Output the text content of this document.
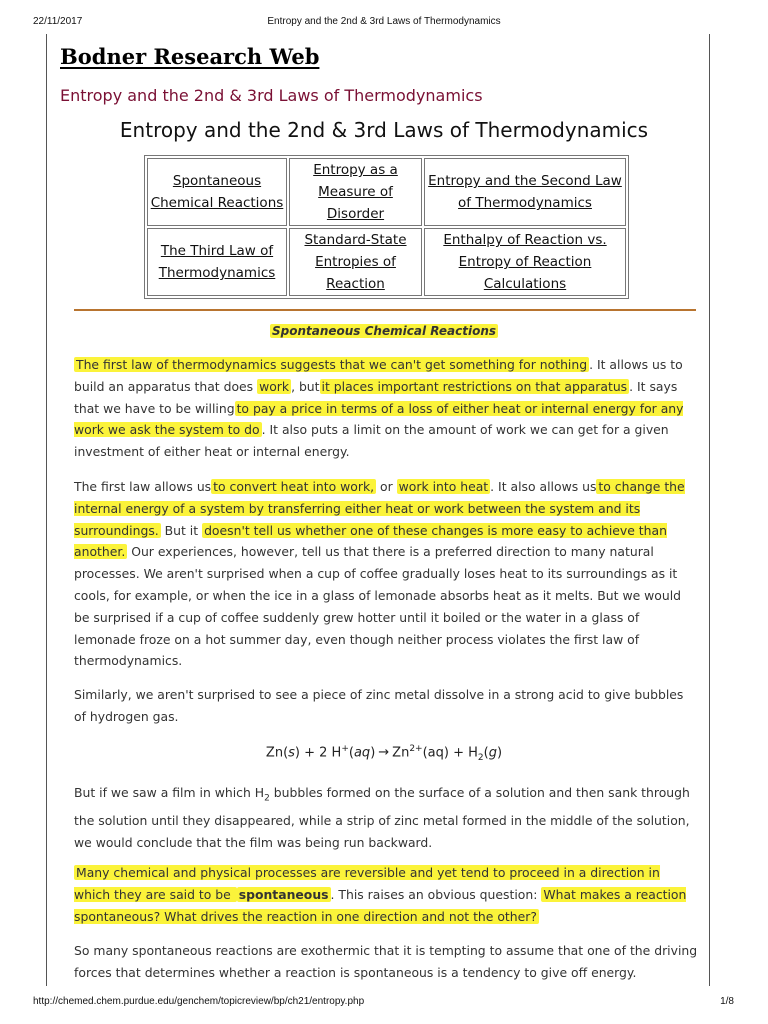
22/11/2017	Entropy and the 2nd & 3rd Laws of Thermodynamics
Bodner Research Web
Entropy and the 2nd & 3rd Laws of Thermodynamics
Entropy and the 2nd & 3rd Laws of Thermodynamics
Spontaneous Chemical Reactions	Entropy as a Measure of Disorder	Entropy and the Second Law of Thermodynamics
The Third Law of Thermodynamics	Standard-State Entropies of Reaction	Enthalpy of Reaction vs. Entropy of Reaction Calculations
Spontaneous Chemical Reactions
The first law of thermodynamics suggests that we can't get something for nothing . It allows us to build an apparatus that does work , but it places important restrictions on that apparatus . It says that we have to be willing to pay a price in terms of a loss of either heat or internal energy for any work we ask the system to do . It also puts a limit on the amount of work we can get for a given investment of either heat or internal energy.
The first law allows us to convert heat into work, or work into heat . It also allows us to change the internal energy of a system by transferring either heat or work between the system and its surroundings. But it doesn't tell us whether one of these changes is more easy to achieve than another. Our experiences, however, tell us that there is a preferred direction to many natural processes. We aren't surprised when a cup of coffee gradually loses heat to its surroundings as it cools, for example, or when the ice in a glass of lemonade absorbs heat as it melts. But we would be surprised if a cup of coffee suddenly grew hotter until it boiled or the water in a glass of lemonade froze on a hot summer day, even though neither process violates the first law of thermodynamics.
Similarly, we aren't surprised to see a piece of zinc metal dissolve in a strong acid to give bubbles of hydrogen gas.
Zn(s) + 2 $H^+(aq) \to Zn^{2+}(aq) + H_2(g)$
But if we saw a film in which $H_2$ bubbles formed on the surface of a solution and then sank through the solution until they disappeared, while a strip of zinc metal formed in the middle of the solution, we would conclude that the film was being run backward.
Many chemical and physical processes are reversible and yet tend to proceed in a direction in which they are said to be spontaneous . This raises an obvious question: What makes a reaction spontaneous? What drives the reaction in one direction and not the other?
So many spontaneous reactions are exothermic that it is tempting to assume that one of the driving forces that determines whether a reaction is spontaneous is a tendency to give off energy.
http://chemed.chem.purdue.edu/genchem/topicreview/bp/ch21/entropy.php	1/8
